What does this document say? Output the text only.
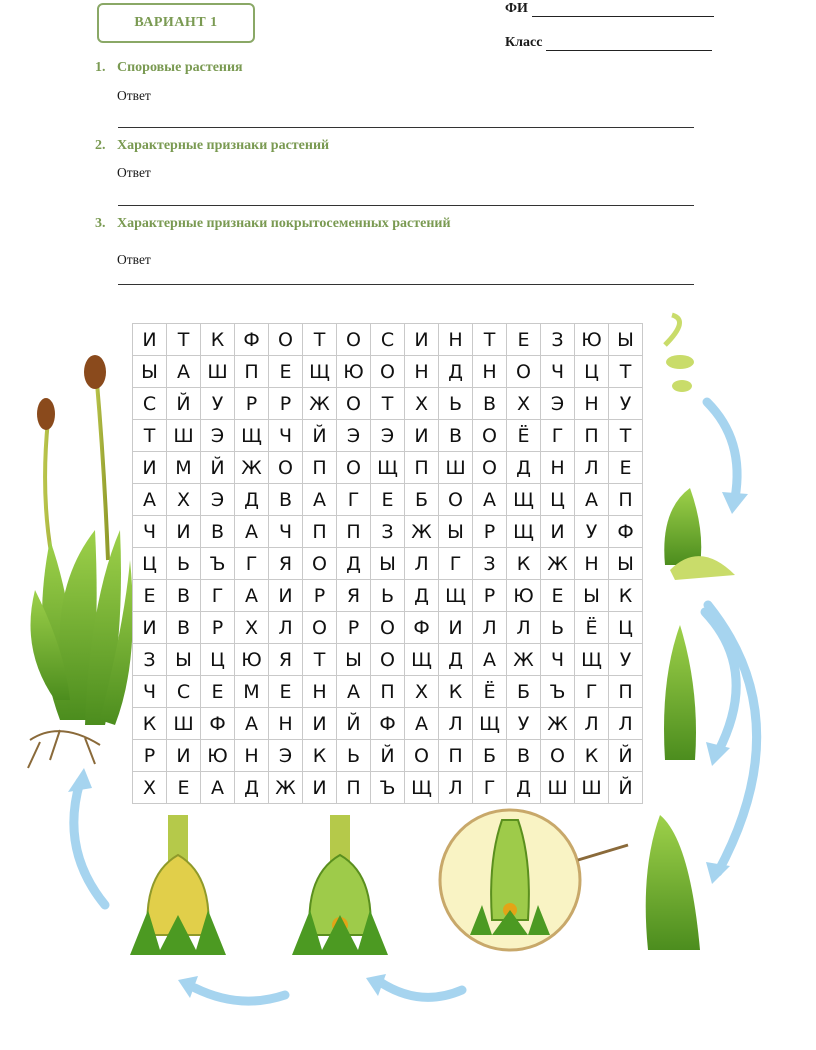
ВАРИАНТ 1
ФИ
Класс
1. Споровые растения
Ответ
2. Характерные признаки растений
Ответ
3. Характерные признаки покрытосеменных растений
Ответ
И	Т	К	Ф	О	Т	О	С	И	Н	Т	Е	З	Ю	Ы
Ы	А	Ш	П	Е	Щ	Ю	О	Н	Д	Н	О	Ч	Ц	Т
С	Й	У	Р	Р	Ж	О	Т	Х	Ь	В	Х	Э	Н	У
Т	Ш	Э	Щ	Ч	Й	Э	Э	И	В	О	Ё	Г	П	Т
И	М	Й	Ж	О	П	О	Щ	П	Ш	О	Д	Н	Л	Е
А	Х	Э	Д	В	А	Г	Е	Б	О	А	Щ	Ц	А	П
Ч	И	В	А	Ч	П	П	З	Ж	Ы	Р	Щ	И	У	Ф
Ц	Ь	Ъ	Г	Я	О	Д	Ы	Л	Г	З	К	Ж	Н	Ы
Е	В	Г	А	И	Р	Я	Ь	Д	Щ	Р	Ю	Е	Ы	К
И	В	Р	Х	Л	О	Р	О	Ф	И	Л	Л	Ь	Ё	Ц
З	Ы	Ц	Ю	Я	Т	Ы	О	Щ	Д	А	Ж	Ч	Щ	У
Ч	С	Е	М	Е	Н	А	П	Х	К	Ё	Б	Ъ	Г	П
К	Ш	Ф	А	Н	И	Й	Ф	А	Л	Щ	У	Ж	Л	Л
Р	И	Ю	Н	Э	К	Ь	Й	О	П	Б	В	О	К	Й
Х	Е	А	Д	Ж	И	П	Ъ	Щ	Л	Г	Д	Ш	Ш	Й
